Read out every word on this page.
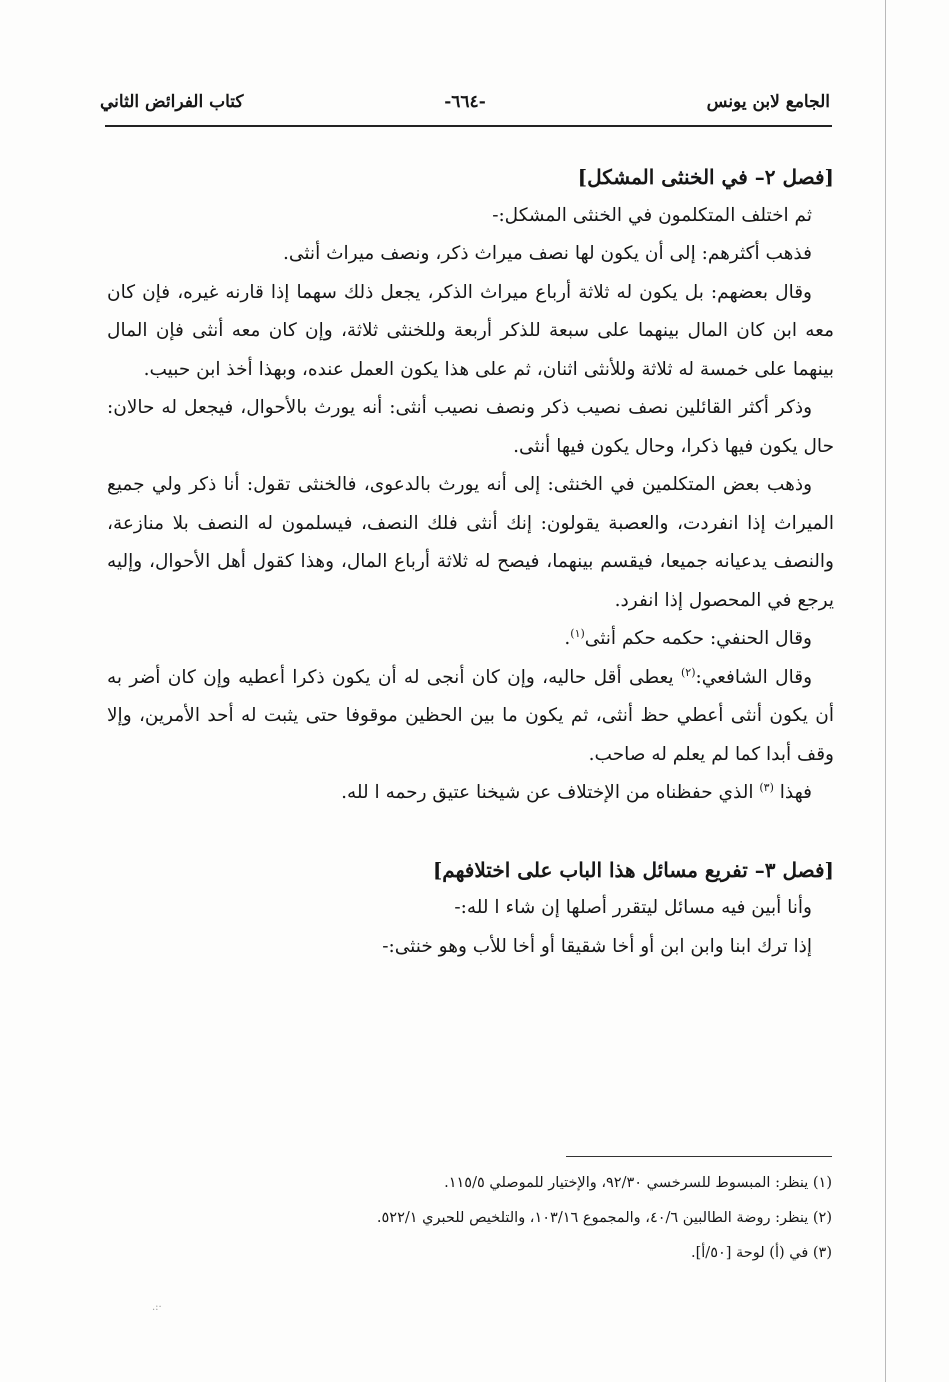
الجامع لابن يونس
-٦٦٤-
كتاب الفرائض الثاني

[فصل ٢– في الخنثى المشكل]

ثم اختلف المتكلمون في الخنثى المشكل:-

فذهب أكثرهم: إلى أن يكون لها نصف ميراث ذكر، ونصف ميراث أنثى.

وقال بعضهم: بل يكون له ثلاثة أرباع ميراث الذكر، يجعل ذلك سهما إذا قارنه غيره، فإن كان معه ابن كان المال بينهما على سبعة للذكر أربعة وللخنثى ثلاثة، وإن كان معه أنثى فإن المال بينهما على خمسة له ثلاثة وللأنثى اثنان، ثم على هذا يكون العمل عنده، وبهذا أخذ ابن حبيب.

وذكر أكثر القائلين نصف نصيب ذكر ونصف نصيب أنثى: أنه يورث بالأحوال، فيجعل له حالان: حال يكون فيها ذكرا، وحال يكون فيها أنثى.

وذهب بعض المتكلمين في الخنثى: إلى أنه يورث بالدعوى، فالخنثى تقول: أنا ذكر ولي جميع الميراث إذا انفردت، والعصبة يقولون: إنك أنثى فلك النصف، فيسلمون له النصف بلا منازعة، والنصف يدعيانه جميعا، فيقسم بينهما، فيصح له ثلاثة أرباع المال، وهذا كقول أهل الأحوال، وإليه يرجع في المحصول إذا انفرد.

وقال الحنفي: حكمه حكم أنثى$^{(١)}$.

وقال الشافعي:$^{(٢)}$ يعطى أقل حاليه، وإن كان أنجى له أن يكون ذكرا أعطيه وإن كان أضر به أن يكون أنثى أعطي حظ أنثى، ثم يكون ما بين الحظين موقوفا حتى يثبت له أحد الأمرين، وإلا وقف أبدا كما لم يعلم له صاحب.

فهذا $^{(٣)}$ الذي حفظناه من الإختلاف عن شيخنا عتيق رحمه ا لله.

[فصل ٣– تفريع مسائل هذا الباب على اختلافهم]

وأنا أبين فيه مسائل ليتقرر أصلها إن شاء ا لله:-

إذا ترك ابنا وابن ابن أو أخا شقيقا أو أخا للأب وهو خنثى:-

(١) ينظر: المبسوط للسرخسي ٩٢/٣٠، والإختيار للموصلي ١١٥/٥.

(٢) ينظر: روضة الطالبين ٤٠/٦، والمجموع ١٠٣/١٦، والتلخيص للحبري ٥٢٢/١.

(٣) في (أ) لوحة [٥٠/أ].

.:·
